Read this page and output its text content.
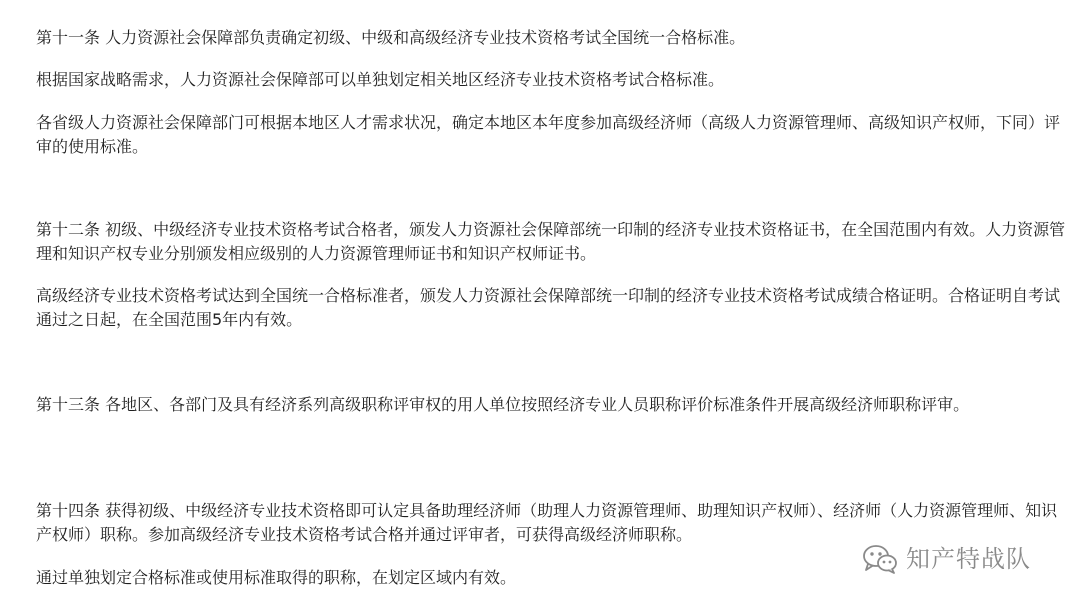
第十一条 人力资源社会保障部负责确定初级、中级和高级经济专业技术资格考试全国统一合格标准。

根据国家战略需求，人力资源社会保障部可以单独划定相关地区经济专业技术资格考试合格标准。

各省级人力资源社会保障部门可根据本地区人才需求状况，确定本地区本年度参加高级经济师（高级人力资源管理师、高级知识产权师，下同）评审的使用标准。

第十二条 初级、中级经济专业技术资格考试合格者，颁发人力资源社会保障部统一印制的经济专业技术资格证书，在全国范围内有效。人力资源管理和知识产权专业分别颁发相应级别的人力资源管理师证书和知识产权师证书。

高级经济专业技术资格考试达到全国统一合格标准者，颁发人力资源社会保障部统一印制的经济专业技术资格考试成绩合格证明。合格证明自考试通过之日起，在全国范围5年内有效。

第十三条 各地区、各部门及具有经济系列高级职称评审权的用人单位按照经济专业人员职称评价标准条件开展高级经济师职称评审。

第十四条 获得初级、中级经济专业技术资格即可认定具备助理经济师（助理人力资源管理师、助理知识产权师）、经济师（人力资源管理师、知识产权师）职称。参加高级经济专业技术资格考试合格并通过评审者，可获得高级经济师职称。

通过单独划定合格标准或使用标准取得的职称，在划定区域内有效。

知产特战队
